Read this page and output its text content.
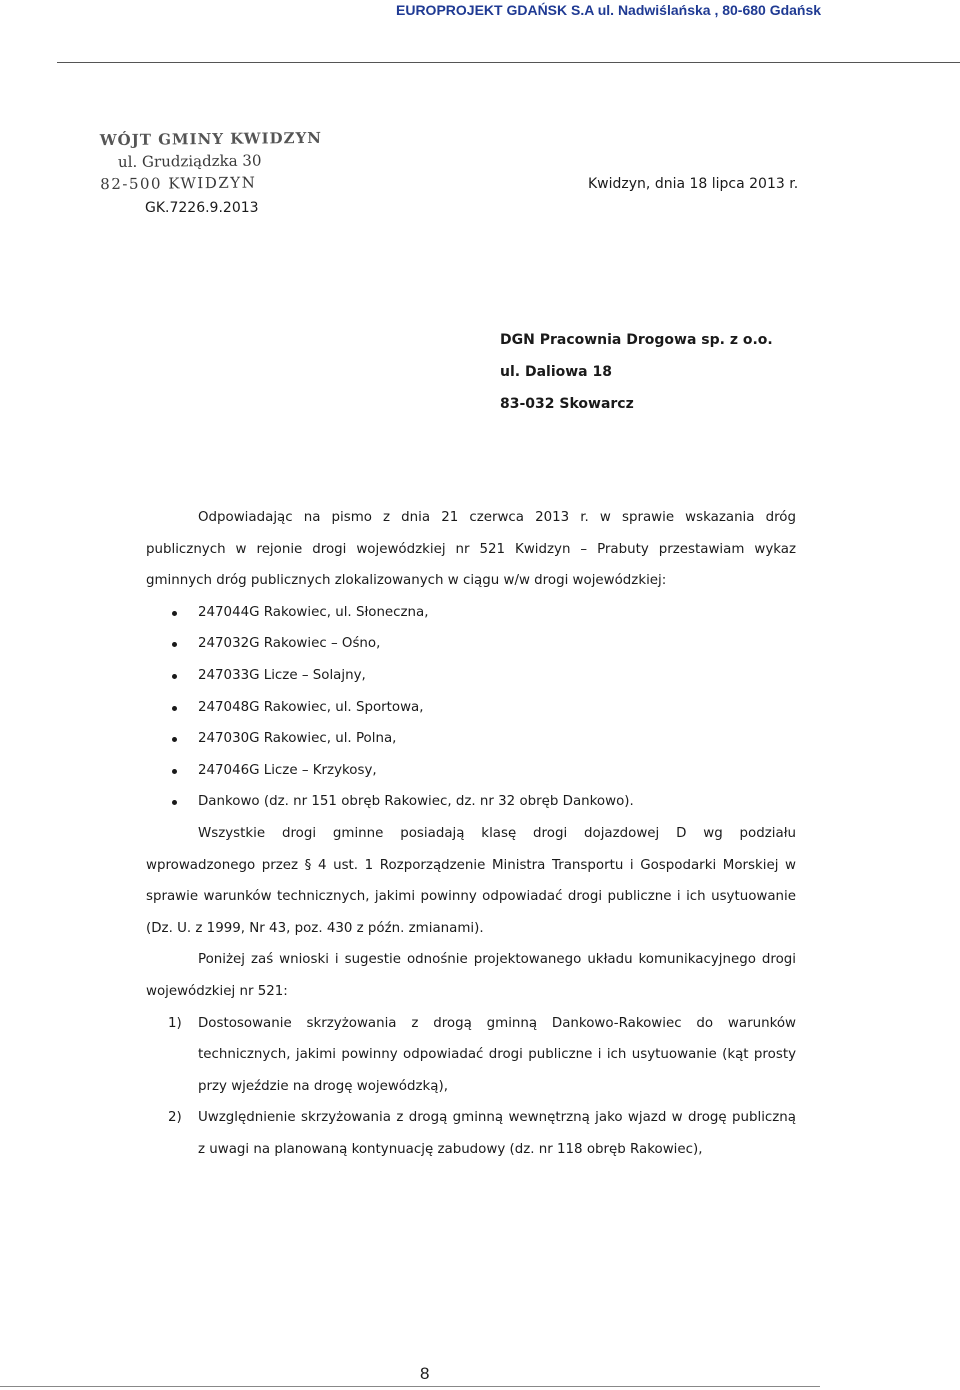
EUROPROJEKT GDAŃSK S.A ul. Nadwiślańska , 80-680 Gdańsk
WÓJT GMINY KWIDZYN
ul. Grudziądzka 30
82-500 KWIDZYN
GK.7226.9.2013
Kwidzyn, dnia 18 lipca 2013 r.
DGN Pracownia Drogowa sp. z o.o.
ul. Daliowa 18
83-032 Skowarcz

Odpowiadając na pismo z dnia 21 czerwca 2013 r. w sprawie wskazania dróg publicznych w rejonie drogi wojewódzkiej nr 521 Kwidzyn – Prabuty przestawiam wykaz gminnych dróg publicznych zlokalizowanych w ciągu w/w drogi wojewódzkiej:

247044G Rakowiec, ul. Słoneczna,
247032G Rakowiec – Ośno,
247033G Licze – Solajny,
247048G Rakowiec, ul. Sportowa,
247030G Rakowiec, ul. Polna,
247046G Licze – Krzykosy,
Dankowo (dz. nr 151 obręb Rakowiec, dz. nr 32 obręb Dankowo).

Wszystkie drogi gminne posiadają klasę drogi dojazdowej D wg podziału wprowadzonego przez § 4 ust. 1 Rozporządzenie Ministra Transportu i Gospodarki Morskiej w sprawie warunków technicznych, jakimi powinny odpowiadać drogi publiczne i ich usytuowanie (Dz. U. z 1999, Nr 43, poz. 430 z późn. zmianami).

Poniżej zaś wnioski i sugestie odnośnie projektowanego układu komunikacyjnego drogi wojewódzkiej nr 521:

1) Dostosowanie skrzyżowania z drogą gminną Dankowo-Rakowiec do warunków technicznych, jakimi powinny odpowiadać drogi publiczne i ich usytuowanie (kąt prosty przy wjeździe na drogę wojewódzką),
2) Uwzględnienie skrzyżowania z drogą gminną wewnętrzną jako wjazd w drogę publiczną z uwagi na planowaną kontynuację zabudowy (dz. nr 118 obręb Rakowiec),
8
